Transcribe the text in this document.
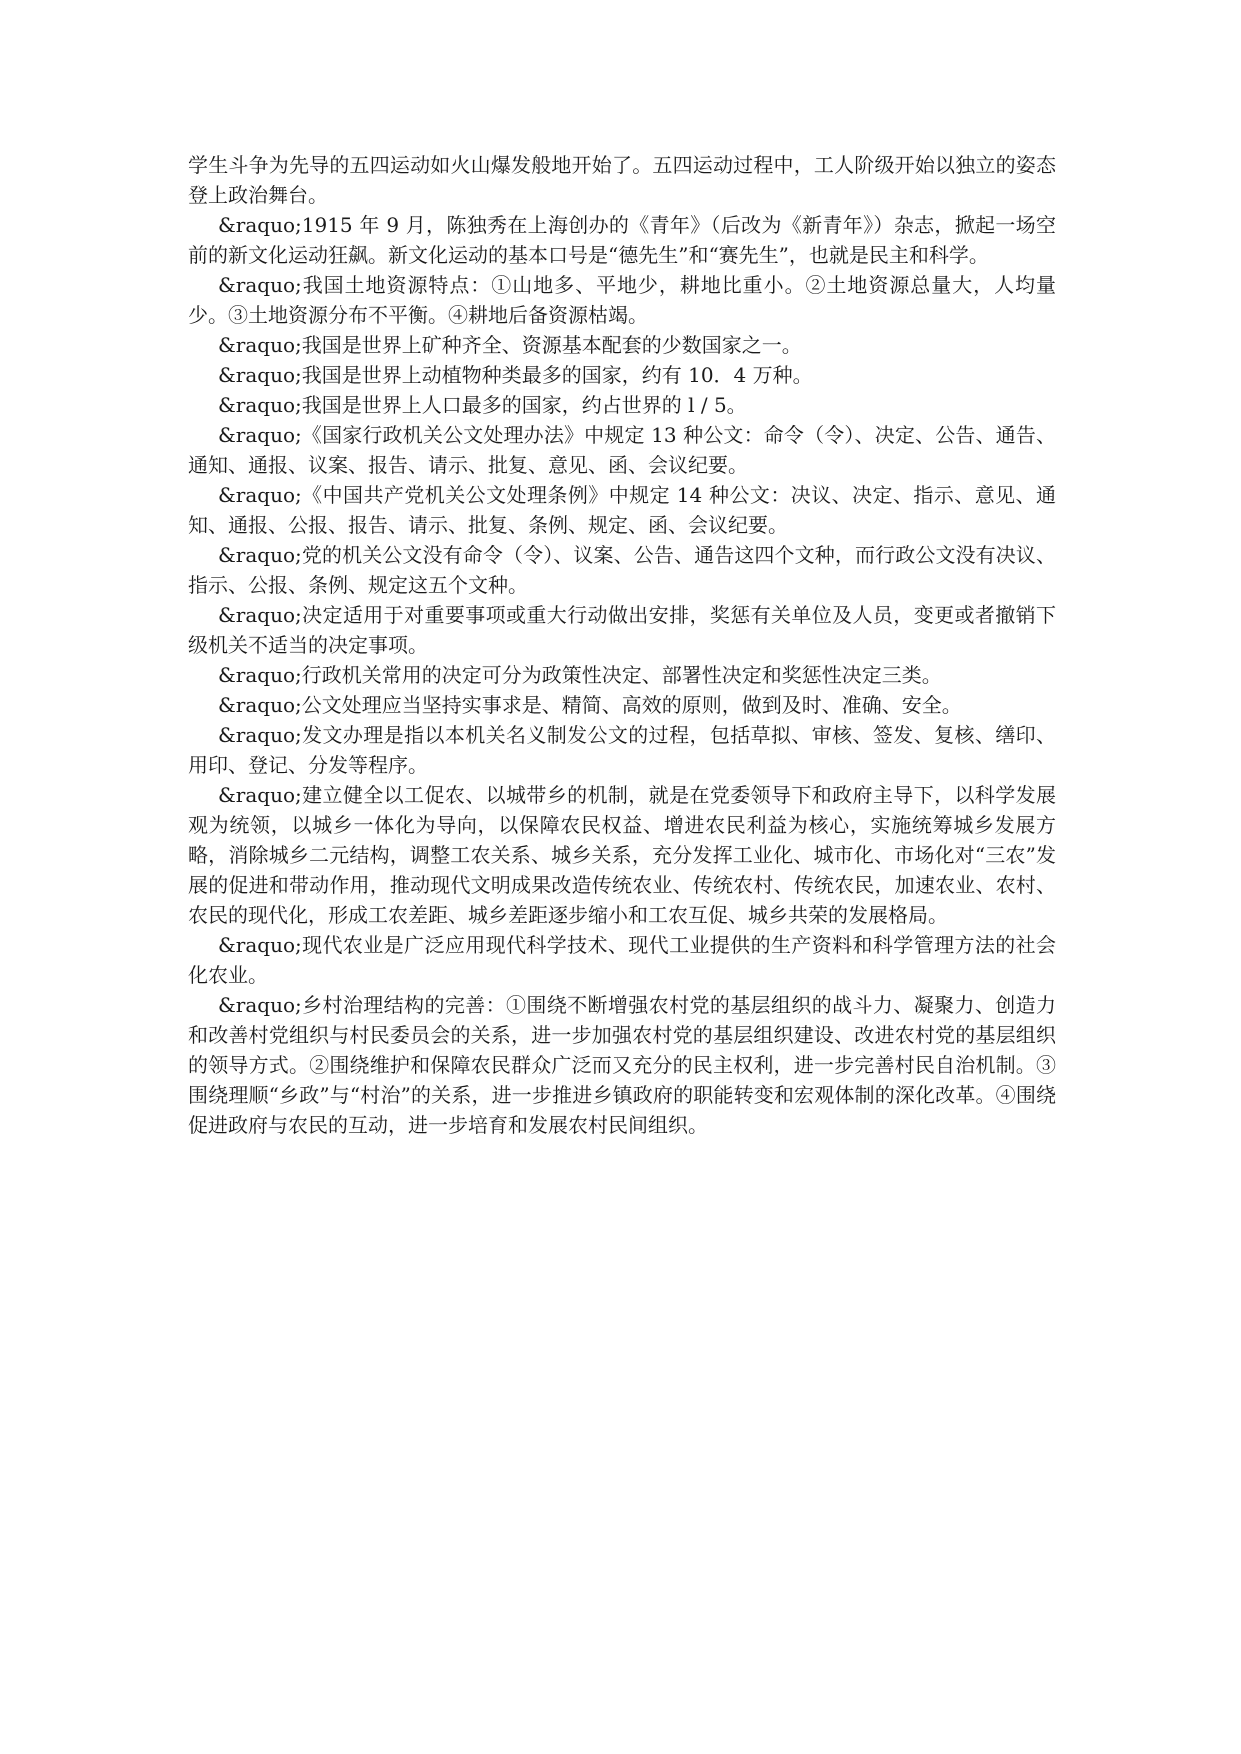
学生斗争为先导的五四运动如火山爆发般地开始了。五四运动过程中，工人阶级开始以独立的姿态登上政治舞台。

&raquo;1915 年 9 月，陈独秀在上海创办的《青年》（后改为《新青年》）杂志，掀起一场空前的新文化运动狂飙。新文化运动的基本口号是“德先生”和“赛先生”，也就是民主和科学。

&raquo;我国土地资源特点：①山地多、平地少，耕地比重小。②土地资源总量大，人均量少。③土地资源分布不平衡。④耕地后备资源枯竭。

&raquo;我国是世界上矿种齐全、资源基本配套的少数国家之一。

&raquo;我国是世界上动植物种类最多的国家，约有 10．4 万种。

&raquo;我国是世界上人口最多的国家，约占世界的 l / 5。

&raquo;《国家行政机关公文处理办法》中规定 13 种公文：命令（令）、决定、公告、通告、通知、通报、议案、报告、请示、批复、意见、函、会议纪要。

&raquo;《中国共产党机关公文处理条例》中规定 14 种公文：决议、决定、指示、意见、通知、通报、公报、报告、请示、批复、条例、规定、函、会议纪要。

&raquo;党的机关公文没有命令（令）、议案、公告、通告这四个文种，而行政公文没有决议、指示、公报、条例、规定这五个文种。

&raquo;决定适用于对重要事项或重大行动做出安排，奖惩有关单位及人员，变更或者撤销下级机关不适当的决定事项。

&raquo;行政机关常用的决定可分为政策性决定、部署性决定和奖惩性决定三类。

&raquo;公文处理应当坚持实事求是、精简、高效的原则，做到及时、准确、安全。

&raquo;发文办理是指以本机关名义制发公文的过程，包括草拟、审核、签发、复核、缮印、用印、登记、分发等程序。

&raquo;建立健全以工促农、以城带乡的机制，就是在党委领导下和政府主导下，以科学发展观为统领，以城乡一体化为导向，以保障农民权益、增进农民利益为核心，实施统筹城乡发展方略，消除城乡二元结构，调整工农关系、城乡关系，充分发挥工业化、城市化、市场化对“三农”发展的促进和带动作用，推动现代文明成果改造传统农业、传统农村、传统农民，加速农业、农村、农民的现代化，形成工农差距、城乡差距逐步缩小和工农互促、城乡共荣的发展格局。

&raquo;现代农业是广泛应用现代科学技术、现代工业提供的生产资料和科学管理方法的社会化农业。

&raquo;乡村治理结构的完善：①围绕不断增强农村党的基层组织的战斗力、凝聚力、创造力和改善村党组织与村民委员会的关系，进一步加强农村党的基层组织建设、改进农村党的基层组织的领导方式。②围绕维护和保障农民群众广泛而又充分的民主权利，进一步完善村民自治机制。③围绕理顺“乡政”与“村治”的关系，进一步推进乡镇政府的职能转变和宏观体制的深化改革。④围绕促进政府与农民的互动，进一步培育和发展农村民间组织。
